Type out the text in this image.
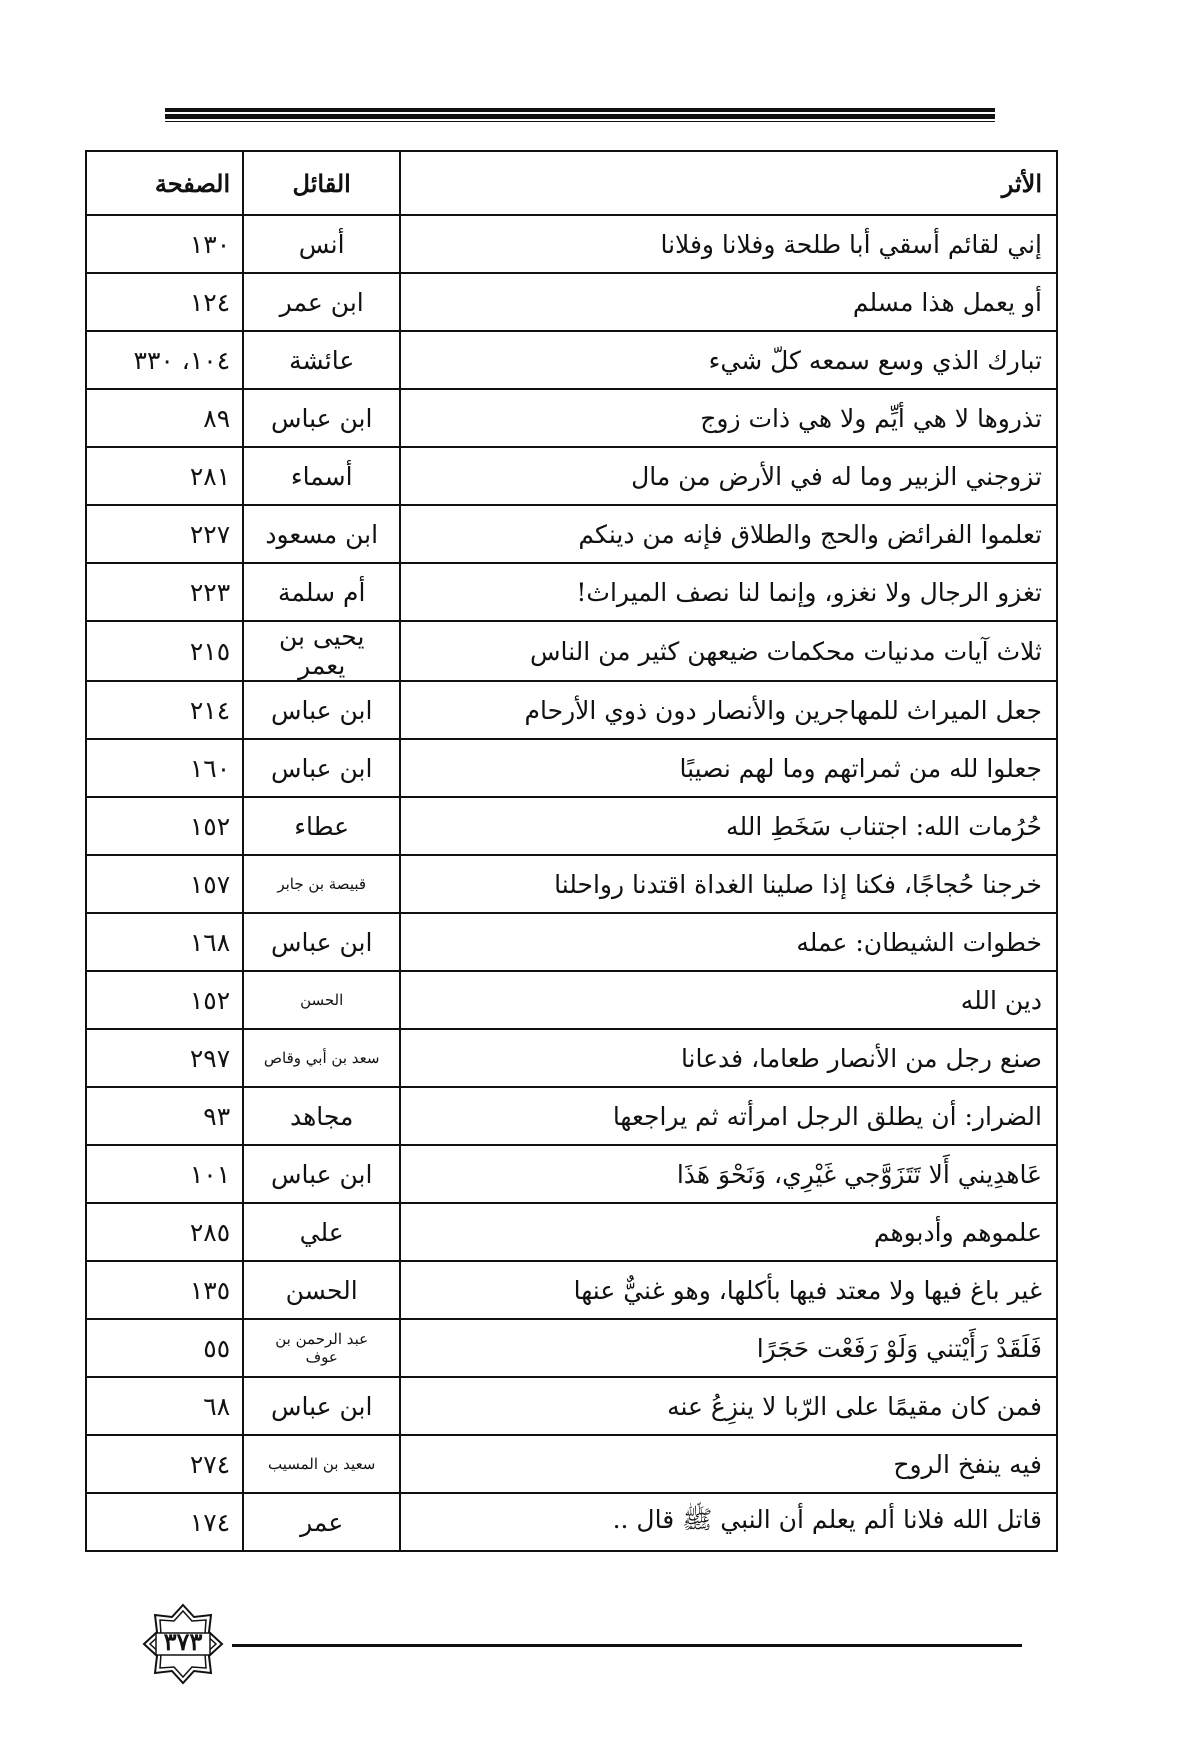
الأثر	القائل	الصفحة
إني لقائم أسقي أبا طلحة وفلانا وفلانا	أنس	١٣٠
أو يعمل هذا مسلم	ابن عمر	١٢٤
تبارك الذي وسع سمعه كلّ شيء	عائشة	١٠٤، ٣٣٠
تذروها لا هي أيِّم ولا هي ذات زوج	ابن عباس	٨٩
تزوجني الزبير وما له في الأرض من مال	أسماء	٢٨١
تعلموا الفرائض والحج والطلاق فإنه من دينكم	ابن مسعود	٢٢٧
تغزو الرجال ولا نغزو، وإنما لنا نصف الميراث!	أم سلمة	٢٢٣
ثلاث آيات مدنيات محكمات ضيعهن كثير من الناس	يحيى بن يعمر	٢١٥
جعل الميراث للمهاجرين والأنصار دون ذوي الأرحام	ابن عباس	٢١٤
جعلوا لله من ثمراتهم وما لهم نصيبًا	ابن عباس	١٦٠
حُرُمات الله: اجتناب سَخَطِ الله	عطاء	١٥٢
خرجنا حُجاجًا، فكنا إذا صلينا الغداة اقتدنا رواحلنا	قبيصة بن جابر	١٥٧
خطوات الشيطان: عمله	ابن عباس	١٦٨
دين الله	الحسن	١٥٢
صنع رجل من الأنصار طعاما، فدعانا	سعد بن أبي وقاص	٢٩٧
الضرار: أن يطلق الرجل امرأته ثم يراجعها	مجاهد	٩٣
عَاهدِيني أَلا تَتَزَوَّجي غَيْرِي، وَنَحْوَ هَذَا	ابن عباس	١٠١
علموهم وأدبوهم	علي	٢٨٥
غير باغ فيها ولا معتد فيها بأكلها، وهو غنيٌّ عنها	الحسن	١٣٥
فَلَقَدْ رَأَيْتني وَلَوْ رَفَعْت حَجَرًا	عبد الرحمن بن عوف	٥٥
فمن كان مقيمًا على الرّبا لا ينزِعُ عنه	ابن عباس	٦٨
فيه ينفخ الروح	سعيد بن المسيب	٢٧٤
قاتل الله فلانا ألم يعلم أن النبي ﷺ قال ..	عمر	١٧٤
٣٧٣
